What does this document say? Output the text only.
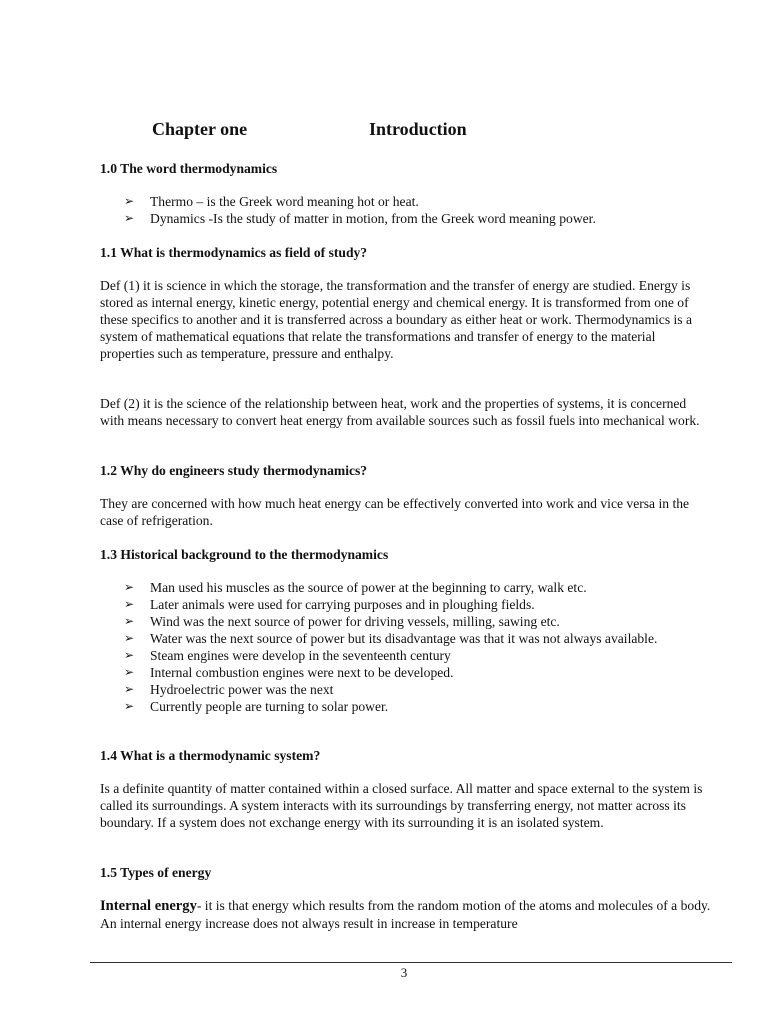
Chapter one	Introduction
1.0 The word thermodynamics
➢ Thermo – is the Greek word meaning hot or heat.
➢ Dynamics -Is the study of matter in motion, from the Greek word meaning power.
1.1 What is thermodynamics as field of study?

Def (1) it is science in which the storage, the transformation and the transfer of energy are studied. Energy is stored as internal energy, kinetic energy, potential energy and chemical energy. It is transformed from one of these specifics to another and it is transferred across a boundary as either heat or work. Thermodynamics is a system of mathematical equations that relate the transformations and transfer of energy to the material properties such as temperature, pressure and enthalpy.

Def (2) it is the science of the relationship between heat, work and the properties of systems, it is concerned with means necessary to convert heat energy from available sources such as fossil fuels into mechanical work.

1.2 Why do engineers study thermodynamics?

They are concerned with how much heat energy can be effectively converted into work and vice versa in the case of refrigeration.

1.3 Historical background to the thermodynamics
➢ Man used his muscles as the source of power at the beginning to carry, walk etc.
➢ Later animals were used for carrying purposes and in ploughing fields.
➢ Wind was the next source of power for driving vessels, milling, sawing etc.
➢ Water was the next source of power but its disadvantage was that it was not always available.
➢ Steam engines were develop in the seventeenth century
➢ Internal combustion engines were next to be developed.
➢ Hydroelectric power was the next
➢ Currently people are turning to solar power.
1.4 What is a thermodynamic system?

Is a definite quantity of matter contained within a closed surface. All matter and space external to the system is called its surroundings. A system interacts with its surroundings by transferring energy, not matter across its boundary. If a system does not exchange energy with its surrounding it is an isolated system.

1.5 Types of energy

Internal energy- it is that energy which results from the random motion of the atoms and molecules of a body. An internal energy increase does not always result in increase in temperature

3
